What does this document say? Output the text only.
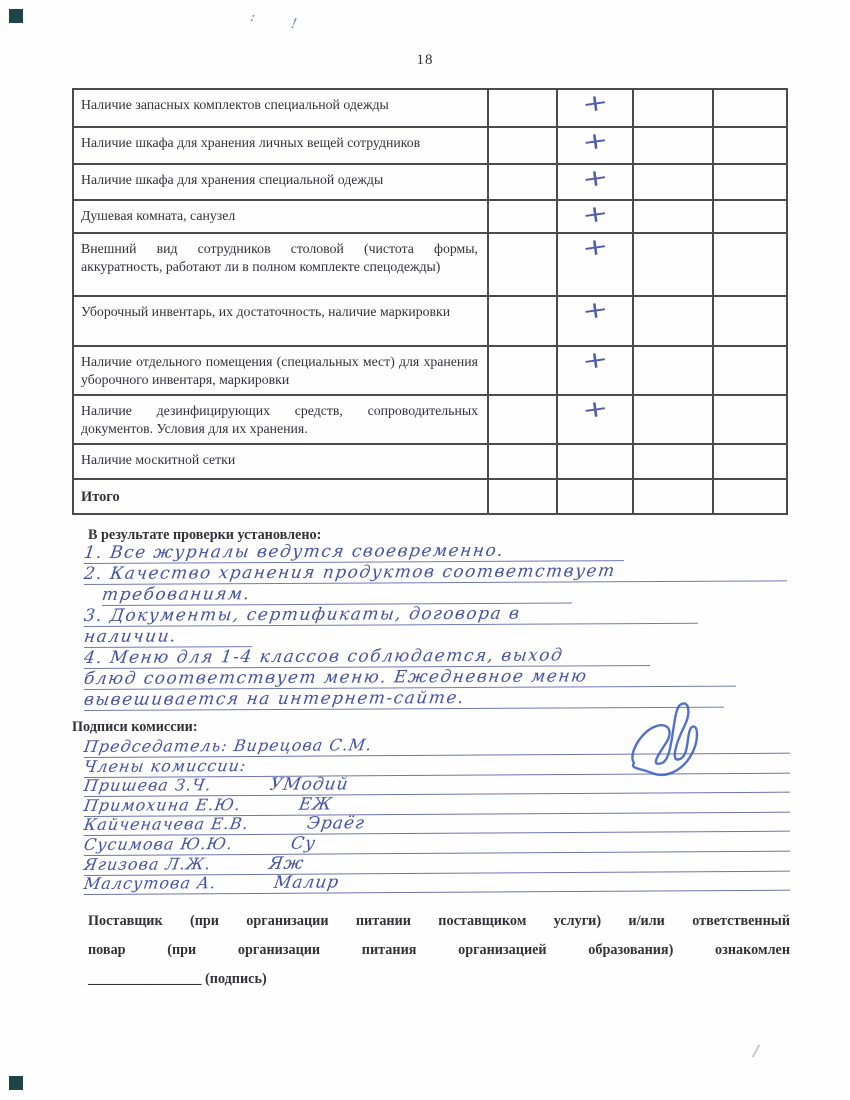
: !
18
Наличие запасных комплектов специальной одежды		+		
Наличие шкафа для хранения личных вещей сотрудников		+		
Наличие шкафа для хранения специальной одежды		+		
Душевая комната, санузел		+		
Внешний вид сотрудников столовой (чистота формы, аккуратность, работают ли в полном комплекте спецодежды)		+		
Уборочный инвентарь, их достаточность, наличие маркировки		+		
Наличие отдельного помещения (специальных мест) для хранения уборочного инвентаря, маркировки		+		
Наличие дезинфицирующих средств, сопроводительных документов. Условия для их хранения.		+		
Наличие москитной сетки				
Итого				
В результате проверки установлено:
1. Все журналы ведутся своевременно.
2. Качество хранения продуктов соответствует
требованиям.
3. Документы, сертификаты, договора в
наличии.
4. Меню для 1-4 классов соблюдается, выход
блюд соответствует меню. Ежедневное меню
вывешивается на интернет-сайте.
Подписи комиссии:
Председатель: Вирецова С.М.
Члены комиссии:
Пришева З.Ч.	УМодий
Примохина Е.Ю.	ЕЖ
Кайченачева Е.В.	Эраёг
Сусимова Ю.Ю.	Су
Ягизова Л.Ж.	Яж
Малсутова А.	Малир
Поставщик (при организации питании поставщиком услуги) и/или ответственный
повар (при организации питания организацией образования) ознакомлен
________________ (подпись)
